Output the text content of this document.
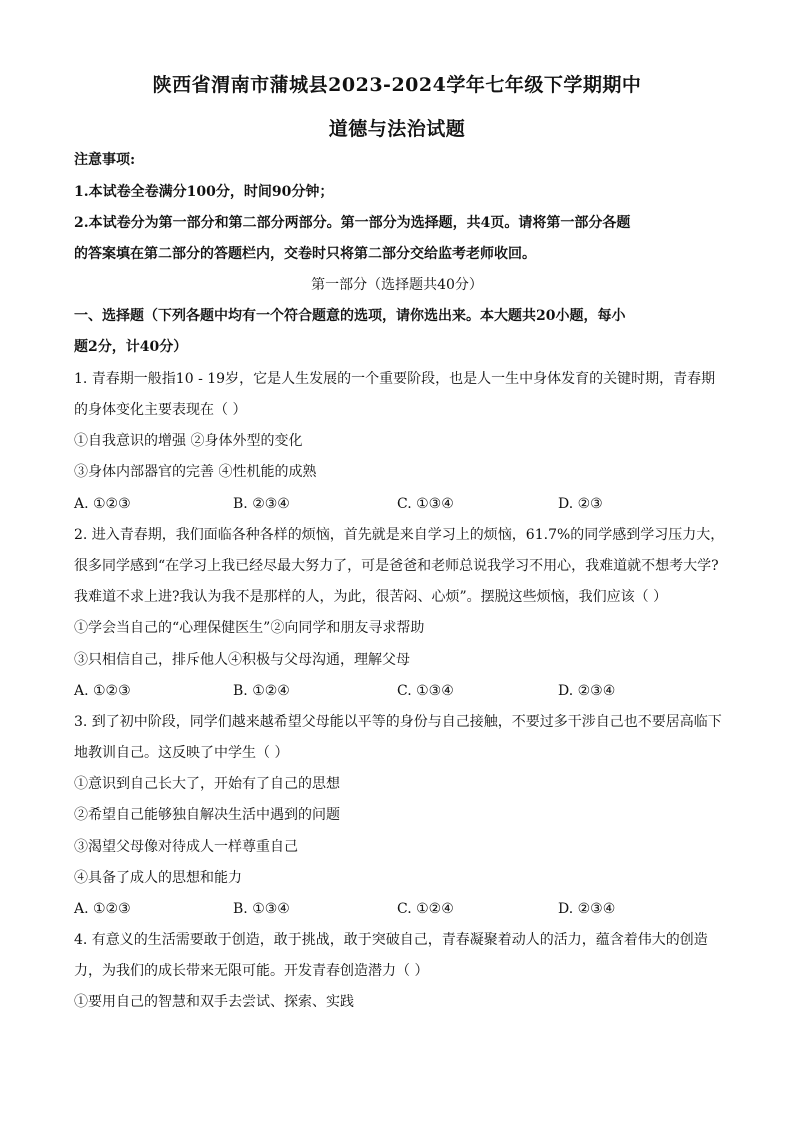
陕西省渭南市蒲城县2023-2024学年七年级下学期期中
道德与法治试题
注意事项:
1.本试卷全卷满分100分，时间90分钟；
2.本试卷分为第一部分和第二部分两部分。第一部分为选择题，共4页。请将第一部分各题
的答案填在第二部分的答题栏内，交卷时只将第二部分交给监考老师收回。
第一部分（选择题共40分）
一、选择题（下列各题中均有一个符合题意的选项，请你选出来。本大题共20小题，每小
题2分，计40分）
1. 青春期一般指10 - 19岁，它是人生发展的一个重要阶段，也是人一生中身体发育的关键时期，青春期
的身体变化主要表现在（ ）
①自我意识的增强 ②身体外型的变化
③身体内部器官的完善 ④性机能的成熟
A. ①②③	B. ②③④	C. ①③④	D. ②③
2. 进入青春期，我们面临各种各样的烦恼，首先就是来自学习上的烦恼，61.7%的同学感到学习压力大，
很多同学感到“在学习上我已经尽最大努力了，可是爸爸和老师总说我学习不用心，我难道就不想考大学?
我难道不求上进?我认为我不是那样的人，为此，很苦闷、心烦”。摆脱这些烦恼，我们应该（ ）
①学会当自己的“心理保健医生”②向同学和朋友寻求帮助
③只相信自己，排斥他人④积极与父母沟通，理解父母
A. ①②③	B. ①②④	C. ①③④	D. ②③④
3. 到了初中阶段，同学们越来越希望父母能以平等的身份与自己接触，不要过多干涉自己也不要居高临下
地教训自己。这反映了中学生（ ）
①意识到自己长大了，开始有了自己的思想
②希望自己能够独自解决生活中遇到的问题
③渴望父母像对待成人一样尊重自己
④具备了成人的思想和能力
A. ①②③	B. ①③④	C. ①②④	D. ②③④
4. 有意义的生活需要敢于创造，敢于挑战，敢于突破自己，青春凝聚着动人的活力，蕴含着伟大的创造
力，为我们的成长带来无限可能。开发青春创造潜力（ ）
①要用自己的智慧和双手去尝试、探索、实践
